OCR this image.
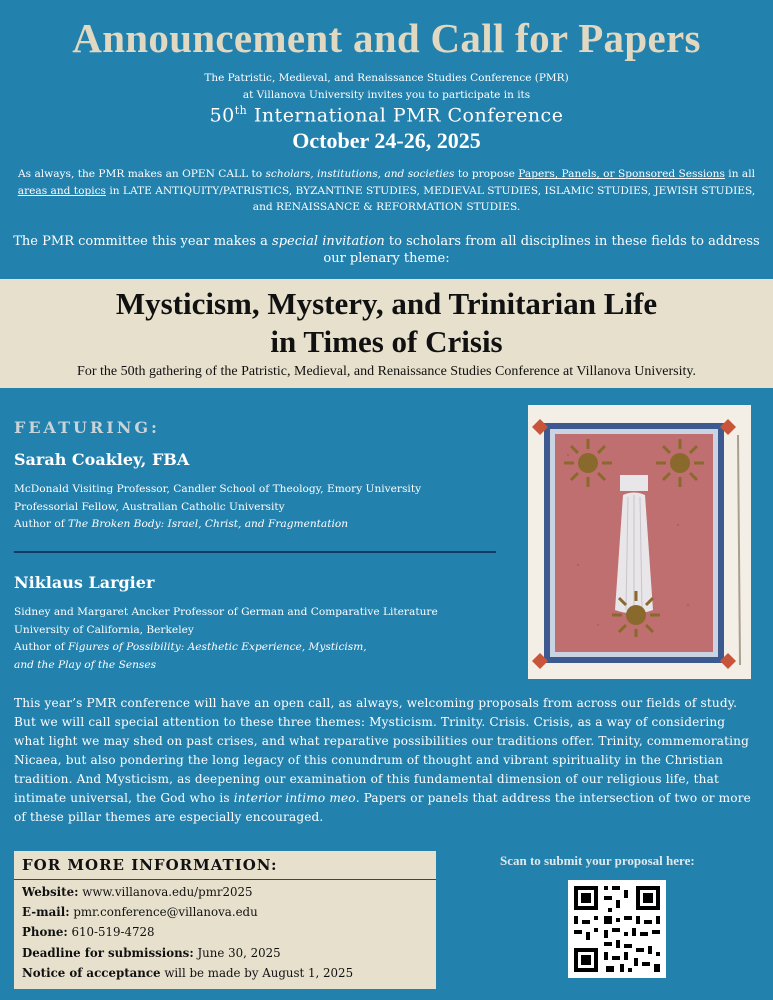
Announcement and Call for Papers
The Patristic, Medieval, and Renaissance Studies Conference (PMR)
at Villanova University invites you to participate in its
50th International PMR Conference
October 24-26, 2025
As always, the PMR makes an OPEN CALL to scholars, institutions, and societies to propose Papers, Panels, or Sponsored Sessions in all areas and topics in LATE ANTIQUITY/PATRISTICS, BYZANTINE STUDIES, MEDIEVAL STUDIES, ISLAMIC STUDIES, JEWISH STUDIES, and RENAISSANCE & REFORMATION STUDIES.
The PMR committee this year makes a special invitation to scholars from all disciplines in these fields to address our plenary theme:
Mysticism, Mystery, and Trinitarian Life
in Times of Crisis
For the 50th gathering of the Patristic, Medieval, and Renaissance Studies Conference at Villanova University.
FEATURING:
Sarah Coakley, FBA
McDonald Visiting Professor, Candler School of Theology, Emory University
Professorial Fellow, Australian Catholic University
Author of The Broken Body: Israel, Christ, and Fragmentation
Niklaus Largier
Sidney and Margaret Ancker Professor of German and Comparative Literature
University of California, Berkeley
Author of Figures of Possibility: Aesthetic Experience, Mysticism,
and the Play of the Senses
This year’s PMR conference will have an open call, as always, welcoming proposals from across our fields of study. But we will call special attention to these three themes: Mysticism. Trinity. Crisis. Crisis, as a way of considering what light we may shed on past crises, and what reparative possibilities our traditions offer. Trinity, commemorating Nicaea, but also pondering the long legacy of this conundrum of thought and vibrant spirituality in the Christian tradition. And Mysticism, as deepening our examination of this fundamental dimension of our religious life, that intimate universal, the God who is interior intimo meo. Papers or panels that address the intersection of two or more of these pillar themes are especially encouraged.
FOR MORE INFORMATION:
Website: www.villanova.edu/pmr2025
E-mail: pmr.conference@villanova.edu
Phone: 610-519-4728
Deadline for submissions: June 30, 2025
Notice of acceptance will be made by August 1, 2025
Scan to submit your proposal here:
